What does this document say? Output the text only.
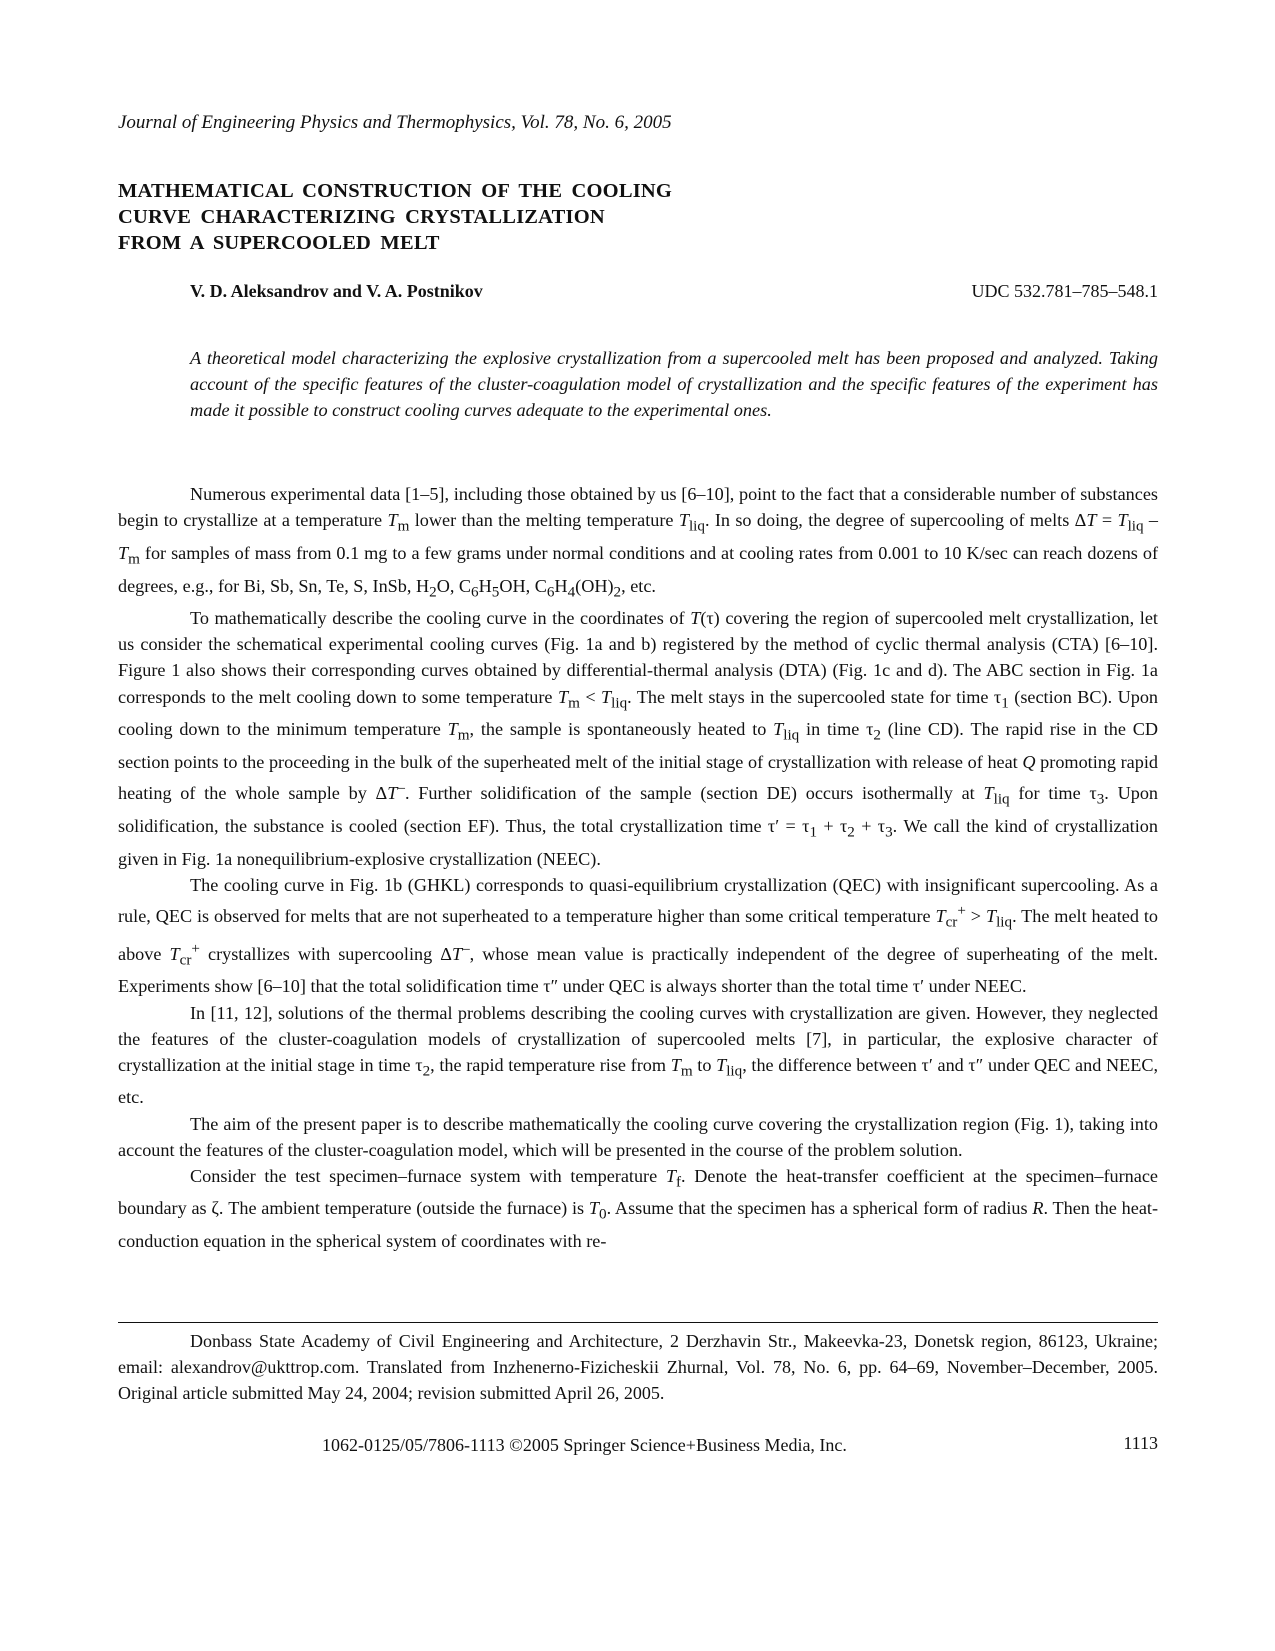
Journal of Engineering Physics and Thermophysics, Vol. 78, No. 6, 2005
MATHEMATICAL CONSTRUCTION OF THE COOLING
CURVE CHARACTERIZING CRYSTALLIZATION
FROM A SUPERCOOLED MELT
V. D. Aleksandrov and V. A. Postnikov	UDC 532.781–785–548.1
A theoretical model characterizing the explosive crystallization from a supercooled melt has been proposed and analyzed. Taking account of the specific features of the cluster-coagulation model of crystallization and the specific features of the experiment has made it possible to construct cooling curves adequate to the experimental ones.

Numerous experimental data [1–5], including those obtained by us [6–10], point to the fact that a considerable number of substances begin to crystallize at a temperature $T_m$ lower than the melting temperature $T_{liq}$. In so doing, the degree of supercooling of melts $\Delta T = T_{liq} - T_m$ for samples of mass from 0.1 mg to a few grams under normal conditions and at cooling rates from 0.001 to 10 K/sec can reach dozens of degrees, e.g., for Bi, Sb, Sn, Te, S, InSb, $H_2O$, $C_6H_5OH$, $C_6H_4(OH)_2$, etc.

To mathematically describe the cooling curve in the coordinates of T(τ) covering the region of supercooled melt crystallization, let us consider the schematical experimental cooling curves (Fig. 1a and b) registered by the method of cyclic thermal analysis (CTA) [6–10]. Figure 1 also shows their corresponding curves obtained by differential-thermal analysis (DTA) (Fig. 1c and d). The ABC section in Fig. 1a corresponds to the melt cooling down to some temperature $T_m < T_{liq}$. The melt stays in the supercooled state for time $\tau_1$ (section BC). Upon cooling down to the minimum temperature $T_m$, the sample is spontaneously heated to $T_{liq}$ in time $\tau_2$ (line CD). The rapid rise in the CD section points to the proceeding in the bulk of the superheated melt of the initial stage of crystallization with release of heat Q promoting rapid heating of the whole sample by ΔT–. Further solidification of the sample (section DE) occurs isothermally at $T_{liq}$ for time $\tau_3$. Upon solidification, the substance is cooled (section EF). Thus, the total crystallization time $\tau' = \tau_1 + \tau_2 + \tau_3$. We call the kind of crystallization given in Fig. 1a nonequilibrium-explosive crystallization (NEEC).

The cooling curve in Fig. 1b (GHKL) corresponds to quasi-equilibrium crystallization (QEC) with insignificant supercooling. As a rule, QEC is observed for melts that are not superheated to a temperature higher than some critical temperature $T_{cr}^+ > T_{liq}$. The melt heated to above $T_{cr}^+$ crystallizes with supercooling ΔT–, whose mean value is practically independent of the degree of superheating of the melt. Experiments show [6–10] that the total solidification time τ″ under QEC is always shorter than the total time τ′ under NEEC.

In [11, 12], solutions of the thermal problems describing the cooling curves with crystallization are given. However, they neglected the features of the cluster-coagulation models of crystallization of supercooled melts [7], in particular, the explosive character of crystallization at the initial stage in time $\tau_2$, the rapid temperature rise from $T_m$ to $T_{liq}$, the difference between τ′ and τ″ under QEC and NEEC, etc.

The aim of the present paper is to describe mathematically the cooling curve covering the crystallization region (Fig. 1), taking into account the features of the cluster-coagulation model, which will be presented in the course of the problem solution.

Consider the test specimen–furnace system with temperature $T_f$. Denote the heat-transfer coefficient at the specimen–furnace boundary as ζ. The ambient temperature (outside the furnace) is $T_0$. Assume that the specimen has a spherical form of radius R. Then the heat-conduction equation in the spherical system of coordinates with re-

Donbass State Academy of Civil Engineering and Architecture, 2 Derzhavin Str., Makeevka-23, Donetsk region, 86123, Ukraine; email: alexandrov@ukttrop.com. Translated from Inzhenerno-Fizicheskii Zhurnal, Vol. 78, No. 6, pp. 64–69, November–December, 2005. Original article submitted May 24, 2004; revision submitted April 26, 2005.
1062-0125/05/7806-1113 ©2005 Springer Science+Business Media, Inc.	1113
